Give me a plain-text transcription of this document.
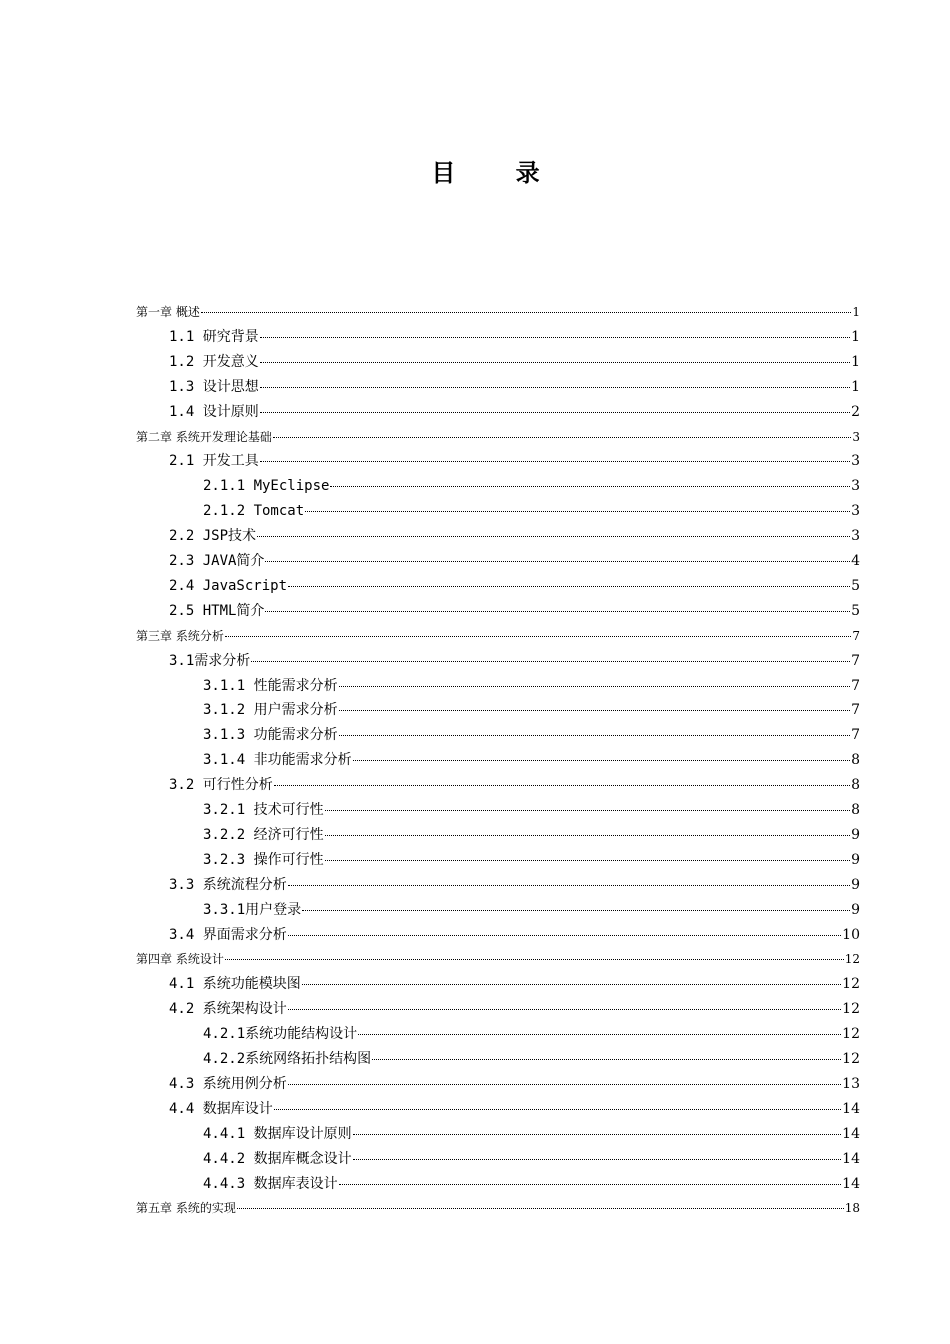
目 录
第一章 概述	1
1.1 研究背景	1
1.2 开发意义	1
1.3 设计思想	1
1.4 设计原则	2
第二章 系统开发理论基础	3
2.1 开发工具	3
2.1.1 MyEclipse	3
2.1.2 Tomcat	3
2.2 JSP技术	3
2.3 JAVA简介	4
2.4 JavaScript	5
2.5 HTML简介	5
第三章 系统分析	7
3.1需求分析	7
3.1.1 性能需求分析	7
3.1.2 用户需求分析	7
3.1.3 功能需求分析	7
3.1.4 非功能需求分析	8
3.2 可行性分析	8
3.2.1 技术可行性	8
3.2.2 经济可行性	9
3.2.3 操作可行性	9
3.3 系统流程分析	9
3.3.1用户登录	9
3.4 界面需求分析	10
第四章 系统设计	12
4.1 系统功能模块图	12
4.2 系统架构设计	12
4.2.1系统功能结构设计	12
4.2.2系统网络拓扑结构图	12
4.3 系统用例分析	13
4.4 数据库设计	14
4.4.1 数据库设计原则	14
4.4.2 数据库概念设计	14
4.4.3 数据库表设计	14
第五章 系统的实现	18
